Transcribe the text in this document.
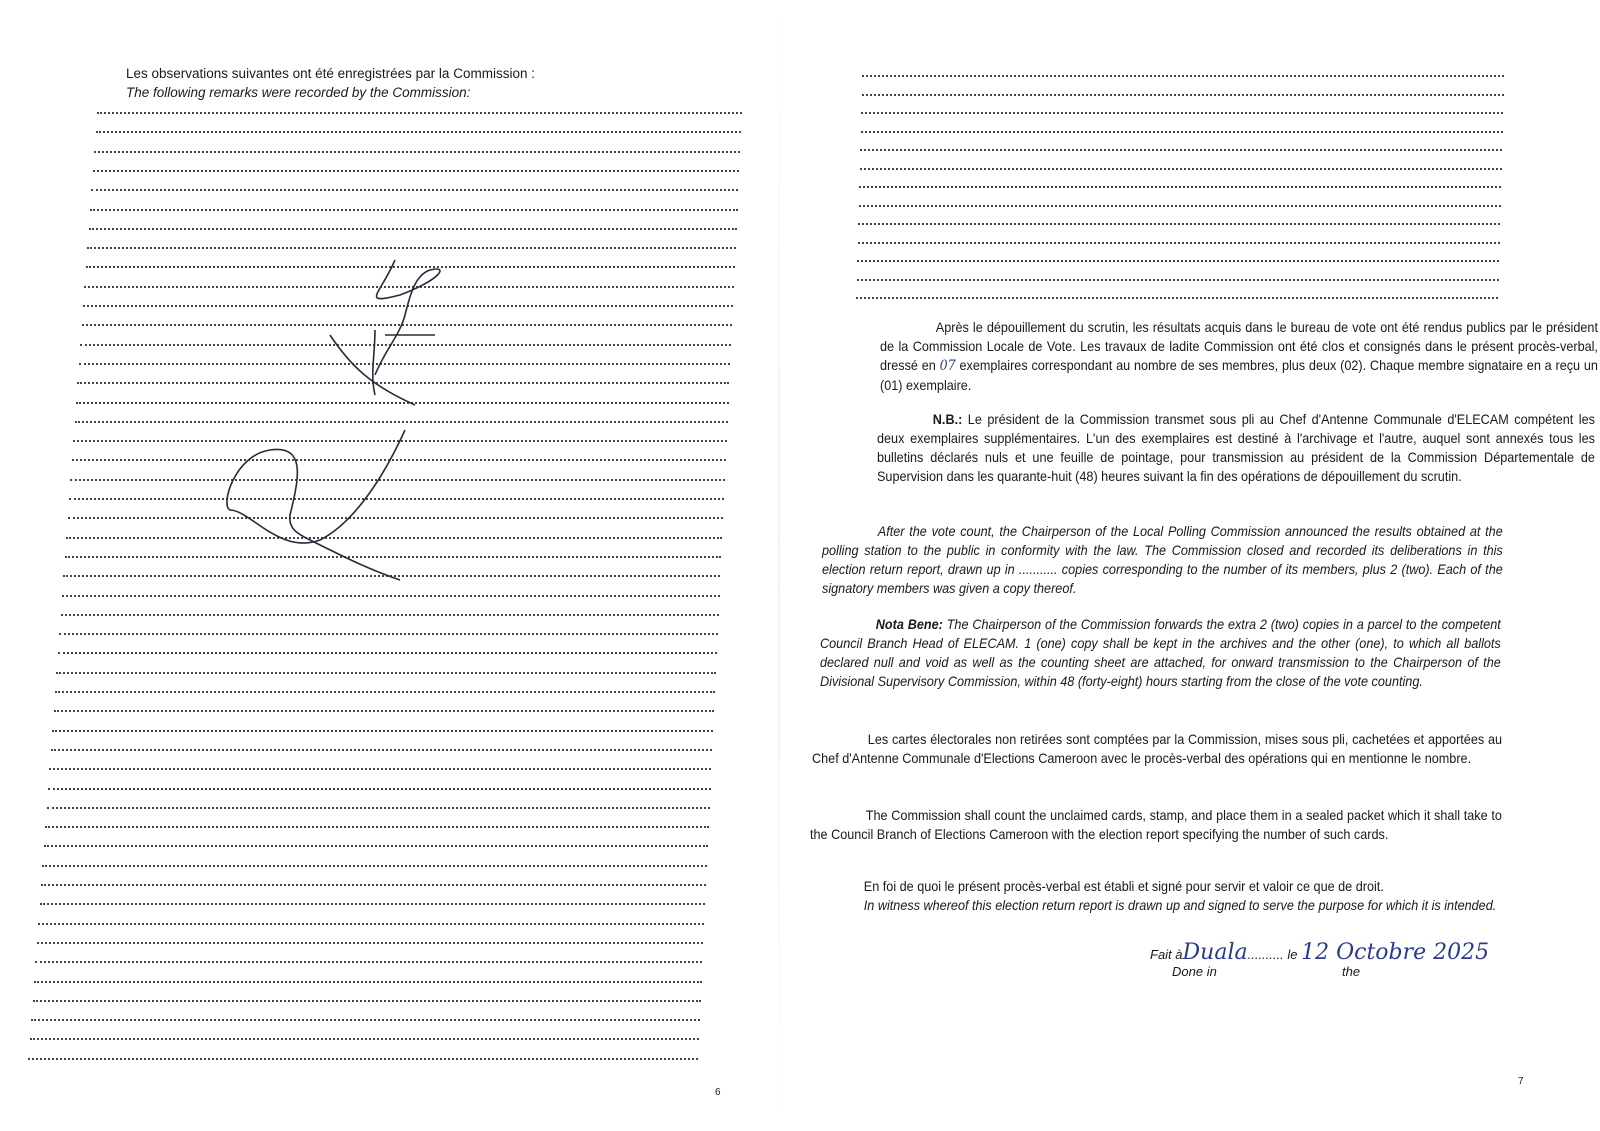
Les observations suivantes ont été enregistrées par la Commission :
The following remarks were recorded by the Commission:
6
Après le dépouillement du scrutin, les résultats acquis dans le bureau de vote ont été rendus publics par le président de la Commission Locale de Vote. Les travaux de ladite Commission ont été clos et consignés dans le présent procès-verbal, dressé en 07 exemplaires correspondant au nombre de ses membres, plus deux (02). Chaque membre signataire en a reçu un (01) exemplaire.
N.B.: Le président de la Commission transmet sous pli au Chef d'Antenne Communale d'ELECAM compétent les deux exemplaires supplémentaires. L'un des exemplaires est destiné à l'archivage et l'autre, auquel sont annexés tous les bulletins déclarés nuls et une feuille de pointage, pour transmission au président de la Commission Départementale de Supervision dans les quarante-huit (48) heures suivant la fin des opérations de dépouillement du scrutin.
After the vote count, the Chairperson of the Local Polling Commission announced the results obtained at the polling station to the public in conformity with the law. The Commission closed and recorded its deliberations in this election return report, drawn up in ........... copies corresponding to the number of its members, plus 2 (two). Each of the signatory members was given a copy thereof.
Nota Bene: The Chairperson of the Commission forwards the extra 2 (two) copies in a parcel to the competent Council Branch Head of ELECAM. 1 (one) copy shall be kept in the archives and the other (one), to which all ballots declared null and void as well as the counting sheet are attached, for onward transmission to the Chairperson of the Divisional Supervisory Commission, within 48 (forty-eight) hours starting from the close of the vote counting.
Les cartes électorales non retirées sont comptées par la Commission, mises sous pli, cachetées et apportées au Chef d'Antenne Communale d'Elections Cameroon avec le procès-verbal des opérations qui en mentionne le nombre.
The Commission shall count the unclaimed cards, stamp, and place them in a sealed packet which it shall take to the Council Branch of Elections Cameroon with the election report specifying the number of such cards.
En foi de quoi le présent procès-verbal est établi et signé pour servir et valoir ce que de droit.
In witness whereof this election return report is drawn up and signed to serve the purpose for which it is intended.
Fait àDuala.......... le 12 Octobre 2025
Done in	the
7
